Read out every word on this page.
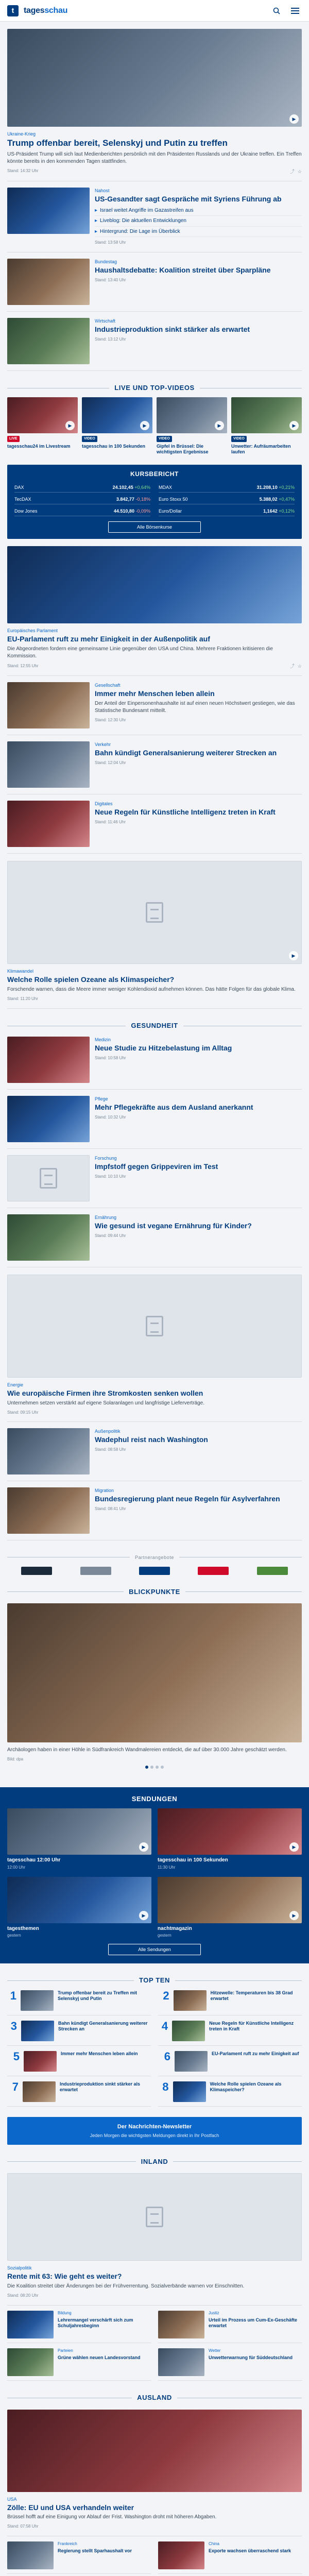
t	tagesschau
▶
Ukraine-Krieg
Trump offenbar bereit, Selenskyj und Putin zu treffen
US-Präsident Trump will sich laut Medienberichten persönlich mit den Präsidenten Russlands und der Ukraine treffen. Ein Treffen könnte bereits in den kommenden Tagen stattfinden.
Stand: 14:32 Uhr	⤴ ☆
Nahost
US-Gesandter sagt Gespräche mit Syriens Führung ab
▸ Israel weitet Angriffe im Gazastreifen aus
▸ Liveblog: Die aktuellen Entwicklungen
▸ Hintergrund: Die Lage im Überblick
Stand: 13:58 Uhr
Bundestag
Haushaltsdebatte: Koalition streitet über Sparpläne
Stand: 13:40 Uhr
Wirtschaft
Industrieproduktion sinkt stärker als erwartet
Stand: 13:12 Uhr
LIVE UND TOP-VIDEOS
▶
LIVE
tagesschau24 im Livestream
▶
VIDEO
tagesschau in 100 Sekunden
▶
VIDEO
Gipfel in Brüssel: Die wichtigsten Ergebnisse
▶
VIDEO
Unwetter: Aufräumarbeiten laufen
KURSBERICHT
DAX	24.102,45 +0,64% MDAX	31.208,10 +0,21%
TecDAX	3.842,77 -0,18% Euro Stoxx 50	5.388,02 +0,47%
Dow Jones	44.510,80 -0,09% Euro/Dollar	1,1642 +0,12%
Alle Börsenkurse
Europäisches Parlament
EU-Parlament ruft zu mehr Einigkeit in der Außenpolitik auf
Die Abgeordneten fordern eine gemeinsame Linie gegenüber den USA und China. Mehrere Fraktionen kritisieren die Kommission.
Stand: 12:55 Uhr	⤴ ☆
Gesellschaft
Immer mehr Menschen leben allein
Der Anteil der Einpersonenhaushalte ist auf einen neuen Höchstwert gestiegen, wie das Statistische Bundesamt mitteilt.
Stand: 12:30 Uhr
Verkehr
Bahn kündigt Generalsanierung weiterer Strecken an
Stand: 12:04 Uhr
Digitales
Neue Regeln für Künstliche Intelligenz treten in Kraft
Stand: 11:46 Uhr
▶
Klimawandel
Welche Rolle spielen Ozeane als Klimaspeicher?
Forschende warnen, dass die Meere immer weniger Kohlendioxid aufnehmen können. Das hätte Folgen für das globale Klima.
Stand: 11:20 Uhr
GESUNDHEIT
Medizin
Neue Studie zu Hitzebelastung im Alltag
Stand: 10:58 Uhr
Pflege
Mehr Pflegekräfte aus dem Ausland anerkannt
Stand: 10:32 Uhr
Forschung
Impfstoff gegen Grippeviren im Test
Stand: 10:10 Uhr
Ernährung
Wie gesund ist vegane Ernährung für Kinder?
Stand: 09:44 Uhr
Energie
Wie europäische Firmen ihre Stromkosten senken wollen
Unternehmen setzen verstärkt auf eigene Solaranlagen und langfristige Lieferverträge.
Stand: 09:15 Uhr
Außenpolitik
Wadephul reist nach Washington
Stand: 08:58 Uhr
Migration
Bundesregierung plant neue Regeln für Asylverfahren
Stand: 08:41 Uhr
Partnerangebote
BLICKPUNKTE
Archäologen haben in einer Höhle in Südfrankreich Wandmalereien entdeckt, die auf über 30.000 Jahre geschätzt werden.
Bild: dpa
SENDUNGEN
▶
tagesschau 12:00 Uhr
12:00 Uhr
▶
tagesschau in 100 Sekunden
11:30 Uhr
▶
tagesthemen
gestern
▶
nachtmagazin
gestern
Alle Sendungen
TOP TEN
1	Trump offenbar bereit zu Treffen mit Selenskyj und Putin	2	Hitzewelle: Temperaturen bis 38 Grad erwartet
3	Bahn kündigt Generalsanierung weiterer Strecken an	4	Neue Regeln für Künstliche Intelligenz treten in Kraft
5	Immer mehr Menschen leben allein	6	EU-Parlament ruft zu mehr Einigkeit auf
7	Industrieproduktion sinkt stärker als erwartet	8	Welche Rolle spielen Ozeane als Klimaspeicher?
Der Nachrichten-Newsletter
Jeden Morgen die wichtigsten Meldungen direkt in Ihr Postfach
INLAND
Sozialpolitik
Rente mit 63: Wie geht es weiter?
Die Koalition streitet über Änderungen bei der Frühverrentung. Sozialverbände warnen vor Einschnitten.
Stand: 08:20 Uhr
Bildung
Lehrermangel verschärft sich zum Schuljahresbeginn
Justiz
Urteil im Prozess um Cum-Ex-Geschäfte erwartet
Parteien
Grüne wählen neuen Landesvorstand
Wetter
Unwetterwarnung für Süddeutschland
AUSLAND
USA
Zölle: EU und USA verhandeln weiter
Brüssel hofft auf eine Einigung vor Ablauf der Frist. Washington droht mit höheren Abgaben.
Stand: 07:58 Uhr
Frankreich
Regierung stellt Sparhaushalt vor
China
Exporte wachsen überraschend stark
